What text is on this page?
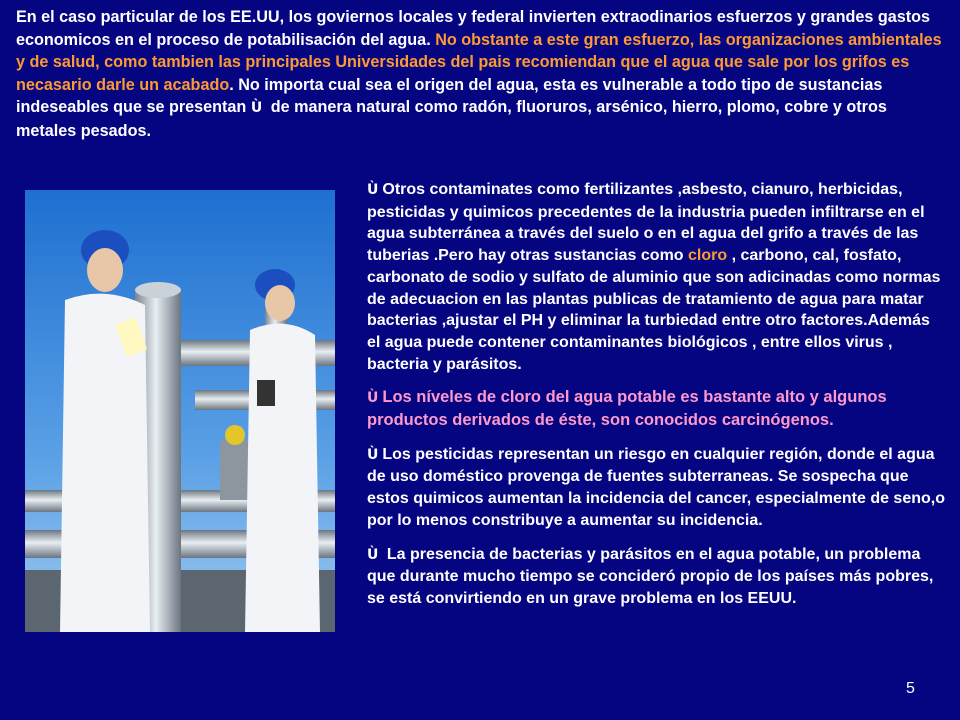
En el caso particular de los EE.UU, los goviernos locales y federal invierten extraodinarios esfuerzos y grandes gastos economicos en el proceso de potabilisación del agua. No obstante a este gran esfuerzo, las organizaciones ambientales y de salud, como tambien las principales Universidades del pais recomiendan que el agua que sale por los grifos es necasario darle un acabado. No importa cual sea el origen del agua, esta es vulnerable a todo tipo de sustancias indeseables que se presentan Ù de manera natural como radón, fluoruros, arsénico, hierro, plomo, cobre y otros metales pesados.

Ù Otros contaminates como fertilizantes ,asbesto, cianuro, herbicidas, pesticidas y quimicos precedentes de la industria pueden infiltrarse en el agua subterránea a través del suelo o en el agua del grifo a través de las tuberias .Pero hay otras sustancias como cloro , carbono, cal, fosfato, carbonato de sodio y sulfato de aluminio que son adicinadas como normas de adecuacion en las plantas publicas de tratamiento de agua para matar bacterias ,ajustar el PH y eliminar la turbiedad entre otro factores.Además el agua puede contener contaminantes biológicos , entre ellos virus , bacteria y parásitos.

Ù Los níveles de cloro del agua potable es bastante alto y algunos productos derivados de éste, son conocidos carcinógenos.

Ù Los pesticidas representan un riesgo en cualquier región, donde el agua de uso doméstico provenga de fuentes subterraneas. Se sospecha que estos quimicos aumentan la incidencia del cancer, especialmente de seno,o por lo menos constribuye a aumentar su incidencia.

Ù La presencia de bacterias y parásitos en el agua potable, un problema que durante mucho tiempo se concideró propio de los países más pobres, se está convirtiendo en un grave problema en los EEUU.

5
